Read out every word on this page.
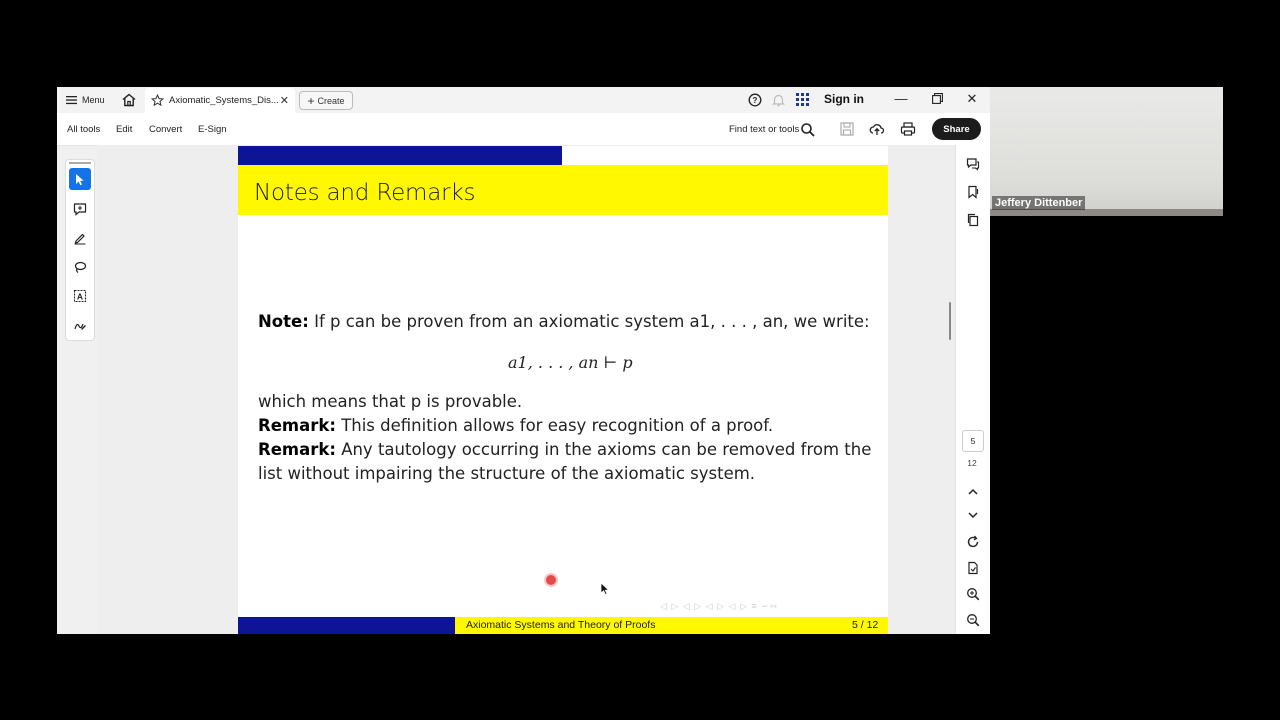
Menu	Axiomatic_Systems_Dis... ✕ + Create	?	Sign in —	✕
All tools Edit Convert E-Sign	Find text or tools	Share
A
Notes and Remarks
Note: If p can be proven from an axiomatic system a1, . . . , an, we write:
a1, . . . , an ⊢ p
which means that p is provable.
Remark: This definition allows for easy recognition of a proof.
Remark: Any tautology occurring in the axioms can be removed from the
list without impairing the structure of the axiomatic system.
◁ ▷ ◁ ▷ ◁ ▷ ◁ ▷ ≡ ∽∾
Axiomatic Systems and Theory of Proofs	5 / 12
5
12
Jeffery Dittenber
